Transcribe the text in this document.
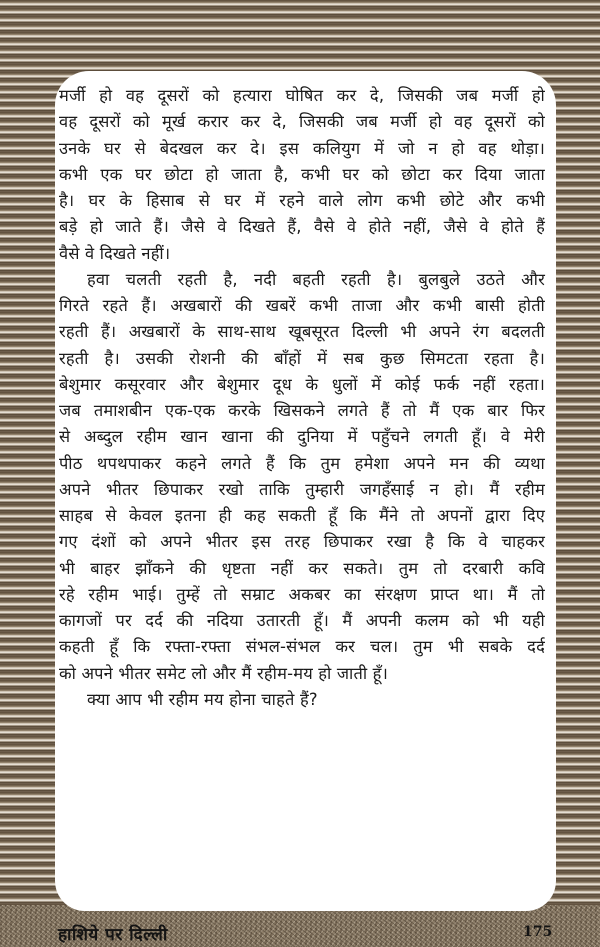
मर्जी हो वह दूसरों को हत्यारा घोषित कर दे, जिसकी जब मर्जी हो
वह दूसरों को मूर्ख करार कर दे, जिसकी जब मर्जी हो वह दूसरों को
उनके घर से बेदखल कर दे। इस कलियुग में जो न हो वह थोड़ा।
कभी एक घर छोटा हो जाता है, कभी घर को छोटा कर दिया जाता
है। घर के हिसाब से घर में रहने वाले लोग कभी छोटे और कभी
बड़े हो जाते हैं। जैसे वे दिखते हैं, वैसे वे होते नहीं, जैसे वे होते हैं
वैसे वे दिखते नहीं।
हवा चलती रहती है, नदी बहती रहती है। बुलबुले उठते और
गिरते रहते हैं। अखबारों की खबरें कभी ताजा और कभी बासी होती
रहती हैं। अखबारों के साथ-साथ खूबसूरत दिल्ली भी अपने रंग बदलती
रहती है। उसकी रोशनी की बाँहों में सब कुछ सिमटता रहता है।
बेशुमार कसूरवार और बेशुमार दूध के धुलों में कोई फर्क नहीं रहता।
जब तमाशबीन एक-एक करके खिसकने लगते हैं तो मैं एक बार फिर
से अब्दुल रहीम खान खाना की दुनिया में पहुँचने लगती हूँ। वे मेरी
पीठ थपथपाकर कहने लगते हैं कि तुम हमेशा अपने मन की व्यथा
अपने भीतर छिपाकर रखो ताकि तुम्हारी जगहँसाई न हो। मैं रहीम
साहब से केवल इतना ही कह सकती हूँ कि मैंने तो अपनों द्वारा दिए
गए दंशों को अपने भीतर इस तरह छिपाकर रखा है कि वे चाहकर
भी बाहर झाँकने की धृष्टता नहीं कर सकते। तुम तो दरबारी कवि
रहे रहीम भाई। तुम्हें तो सम्राट अकबर का संरक्षण प्राप्त था। मैं तो
कागजों पर दर्द की नदिया उतारती हूँ। मैं अपनी कलम को भी यही
कहती हूँ कि रफ्ता-रफ्ता संभल-संभल कर चल। तुम भी सबके दर्द
को अपने भीतर समेट लो और मैं रहीम-मय हो जाती हूँ।
क्या आप भी रहीम मय होना चाहते हैं?
हाशिये पर दिल्ली	175
